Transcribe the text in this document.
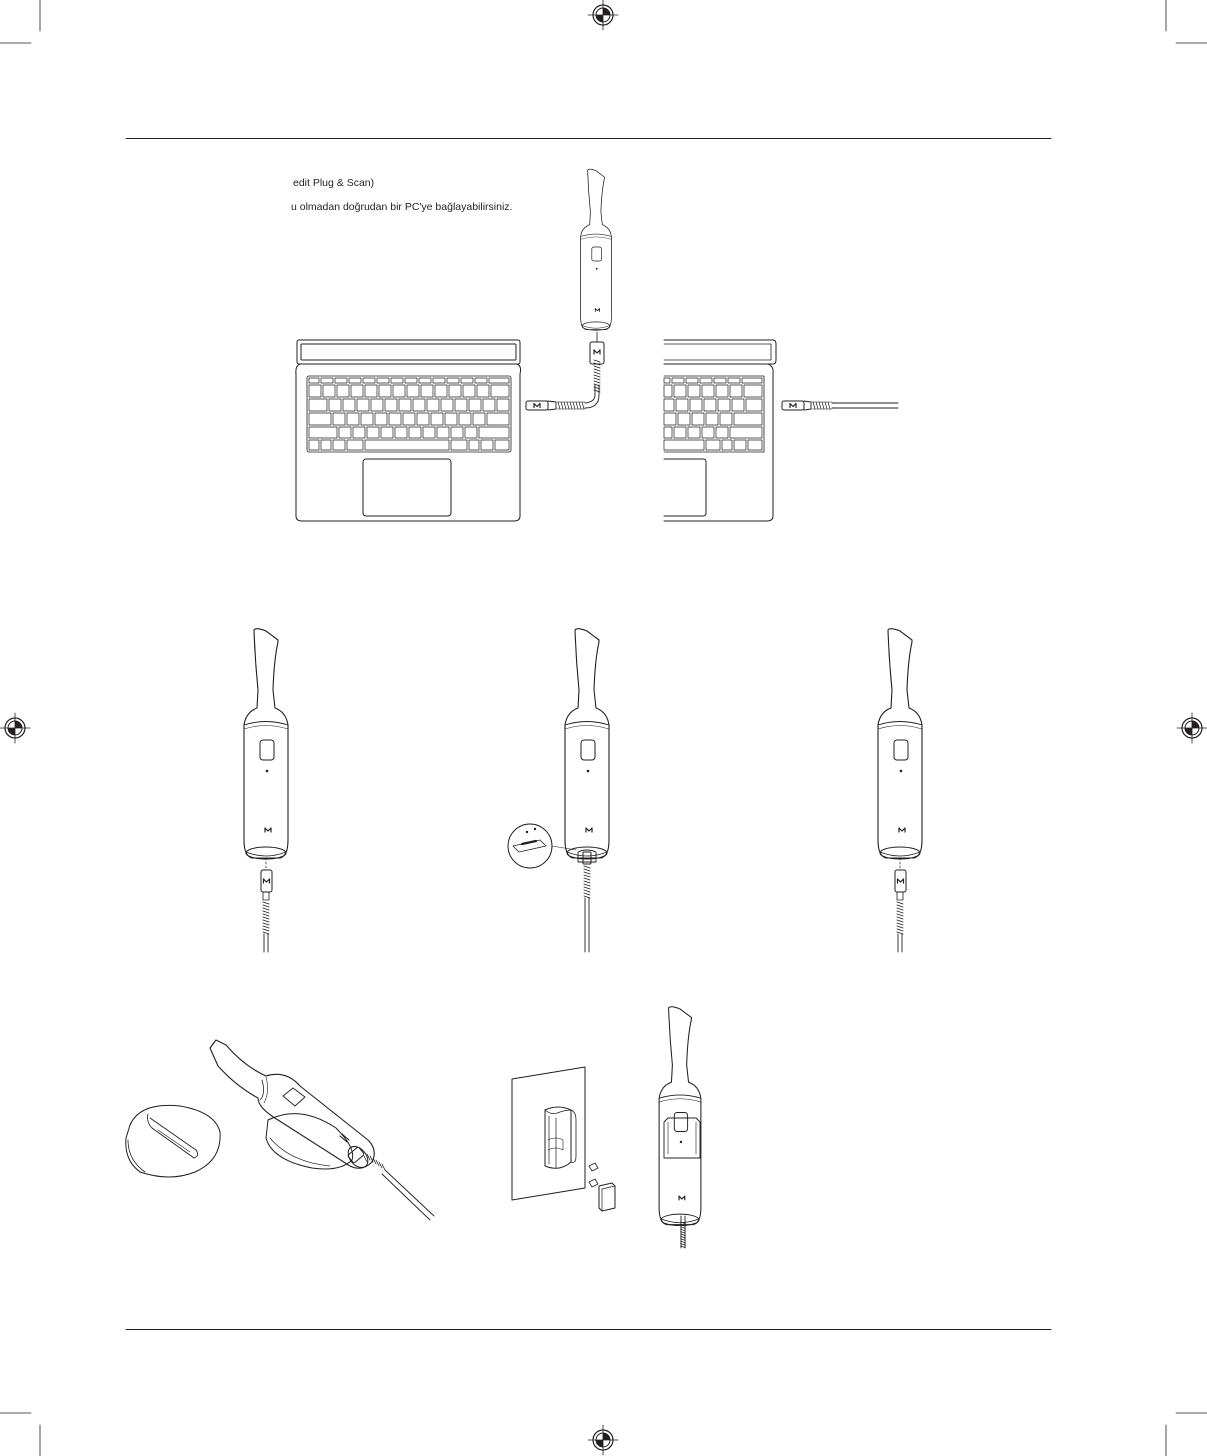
edit Plug & Scan)
u olmadan doğrudan bir PC'ye bağlayabilirsiniz.
